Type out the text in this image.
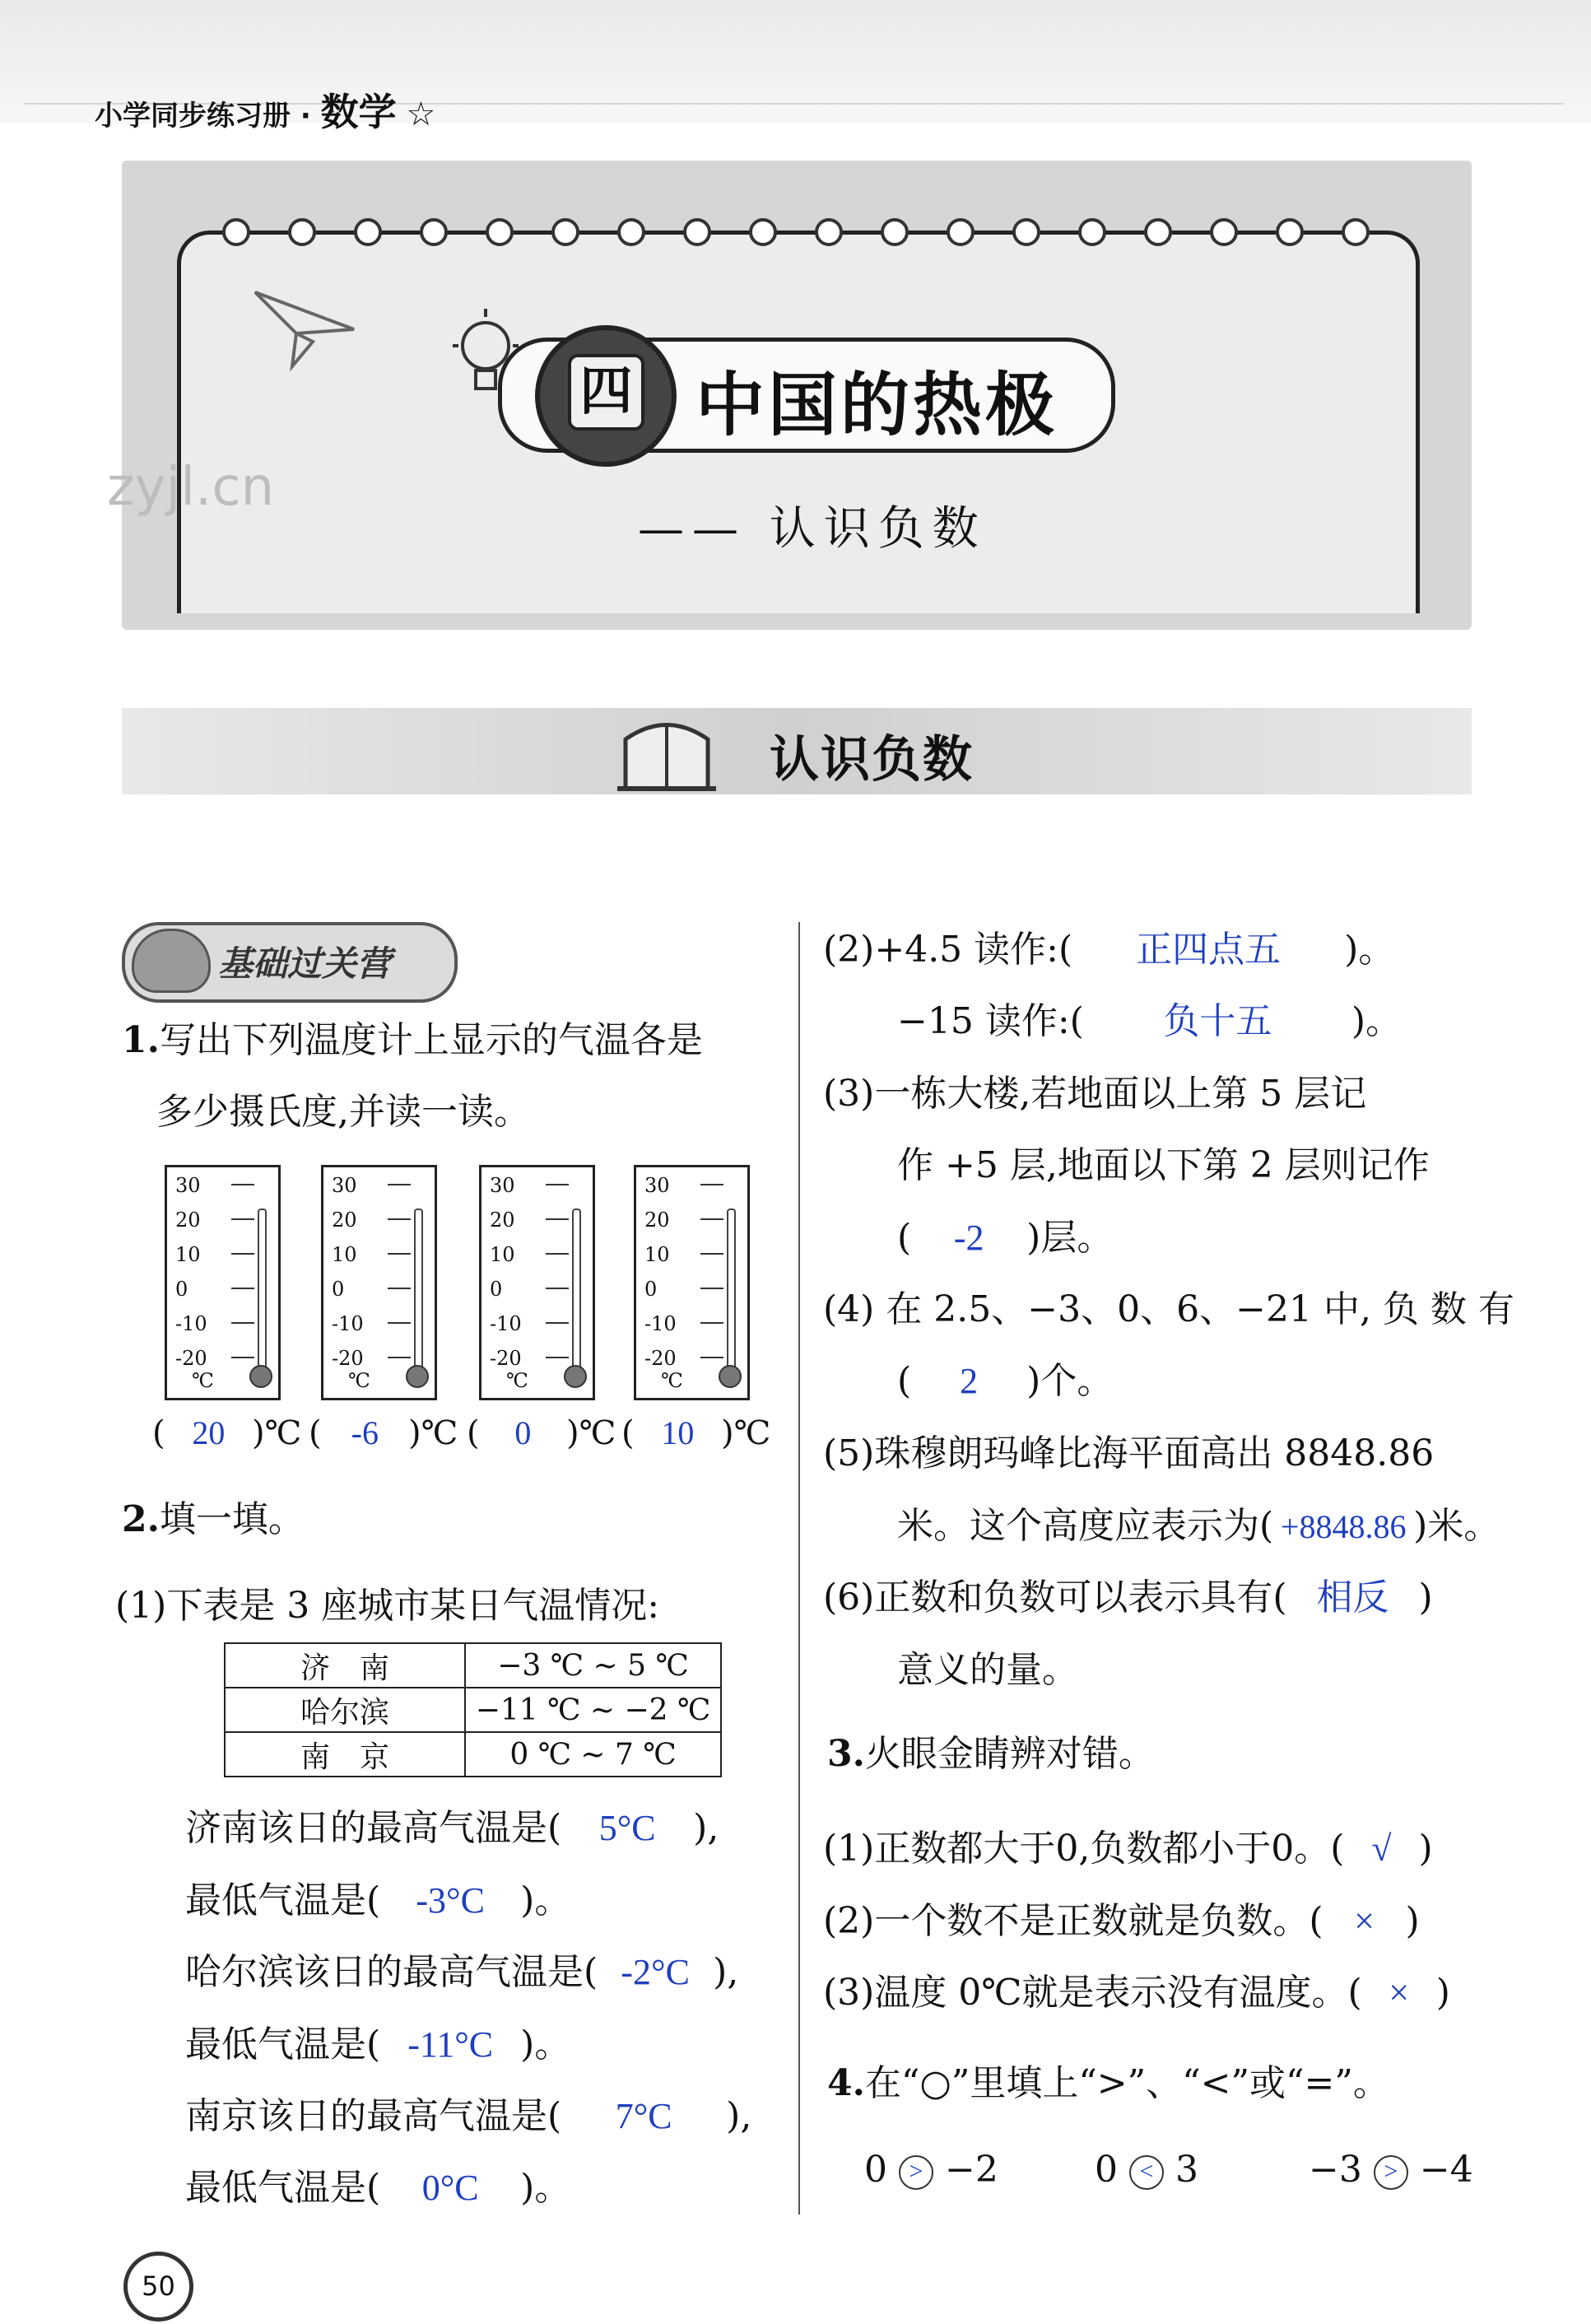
小学同步练习册 · 数学 ☆
zyjl.cn
四 中国的热极
—— 认识负数
认识负数
基础过关营
1.写出下列温度计上显示的气温各是
多少摄氏度,并读一读。
30
20
10
0
-10
-20
℃
30
20
10
0
-10
-20
℃
30
20
10
0
-10
-20
℃
30
20
10
0
-10
-20
℃
( 20 )℃ ( -6 )℃ ( 0 )℃ ( 10 )℃
2.填一填。
(1)下表是 3 座城市某日气温情况:
济　南	−3 ℃ ~ 5 ℃
哈尔滨	−11 ℃ ~ −2 ℃
南　京	0 ℃ ~ 7 ℃
济南该日的最高气温是( 5°C ),
最低气温是( -3°C )。
哈尔滨该日的最高气温是( -2°C ),
最低气温是( -11°C )。
南京该日的最高气温是( 7°C ),
最低气温是( 0°C )。
(2)+4.5 读作:( 正四点五 )。
−15 读作:( 负十五 )。
(3)一栋大楼,若地面以上第 5 层记
作 +5 层,地面以下第 2 层则记作
( -2 )层。
(4) 在 2.5、−3、0、6、−21 中, 负 数 有
( 2 )个。
(5)珠穆朗玛峰比海平面高出 8848.86
米。这个高度应表示为( +8848.86 )米。
(6)正数和负数可以表示具有( 相反 )
意义的量。
3.火眼金睛辨对错。
(1)正数都大于0,负数都小于0。( √ )
(2)一个数不是正数就是负数。( × )
(3)温度 0℃就是表示没有温度。( × )
4.在“○”里填上“>”、“<”或“=”。
0 > −2	0 < 3	−3 > −4
50
